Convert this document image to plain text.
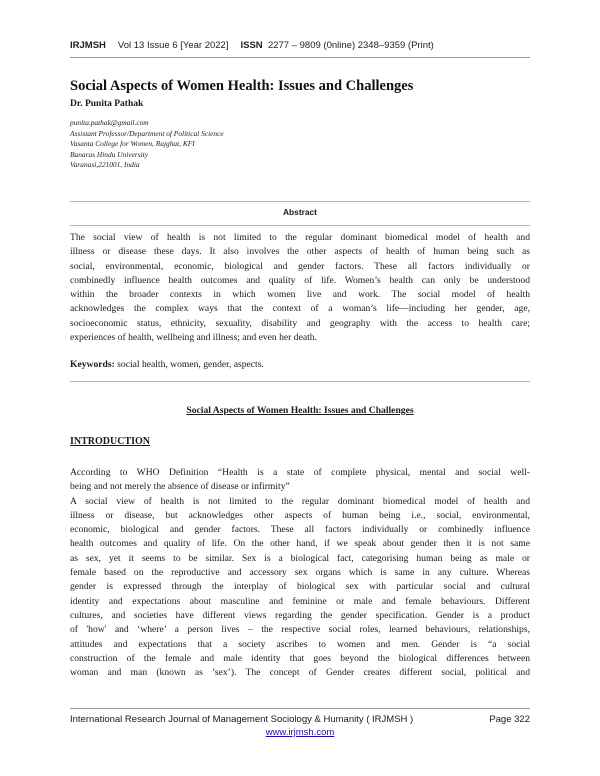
IRJMSH Vol 13 Issue 6 [Year 2022] ISSN 2277 – 9809 (0nline) 2348–9359 (Print)
Social Aspects of Women Health: Issues and Challenges
Dr. Punita Pathak
punita.pathak@gmail.com
Assistant Professor/Department of Political Science
Vasanta College for Women, Rajghat, KFI
Banaras Hindu University
Varanasi,221001, India
Abstract
The social view of health is not limited to the regular dominant biomedical model of health and
illness or disease these days. It also involves the other aspects of health of human being such as
social, environmental, economic, biological and gender factors. These all factors individually or
combinedly influence health outcomes and quality of life. Women’s health can only be understood
within the broader contexts in which women live and work. The social model of health
acknowledges the complex ways that the context of a woman’s life—including her gender, age,
socioeconomic status, ethnicity, sexuality, disability and geography with the access to health care;
experiences of health, wellbeing and illness; and even her death.
Keywords: social health, women, gender, aspects.
Social Aspects of Women Health: Issues and Challenges
INTRODUCTION
According to WHO Definition “Health is a state of complete physical, mental and social well-
being and not merely the absence of disease or infirmity”
A social view of health is not limited to the regular dominant biomedical model of health and
illness or disease, but acknowledges other aspects of human being i.e., social, environmental,
economic, biological and gender factors. These all factors individually or combinedly influence
health outcomes and quality of life. On the other hand, if we speak about gender then it is not same
as sex, yet it seems to be similar. Sex is a biological fact, categorising human being as male or
female based on the reproductive and accessory sex organs which is same in any culture. Whereas
gender is expressed through the interplay of biological sex with particular social and cultural
identity and expectations about masculine and feminine or male and female behaviours. Different
cultures, and societies have different views regarding the gender specification. Gender is a product
of 'how' and ‘where’ a person lives – the respective social roles, learned behaviours, relationships,
attitudes and expectations that a society ascribes to women and men. Gender is “a social
construction of the female and male identity that goes beyond the biological differences between
woman and man (known as ’sex’). The concept of Gender creates different social, political and
International Research Journal of Management Sociology & Humanity ( IRJMSH )	Page 322
www.irjmsh.com
